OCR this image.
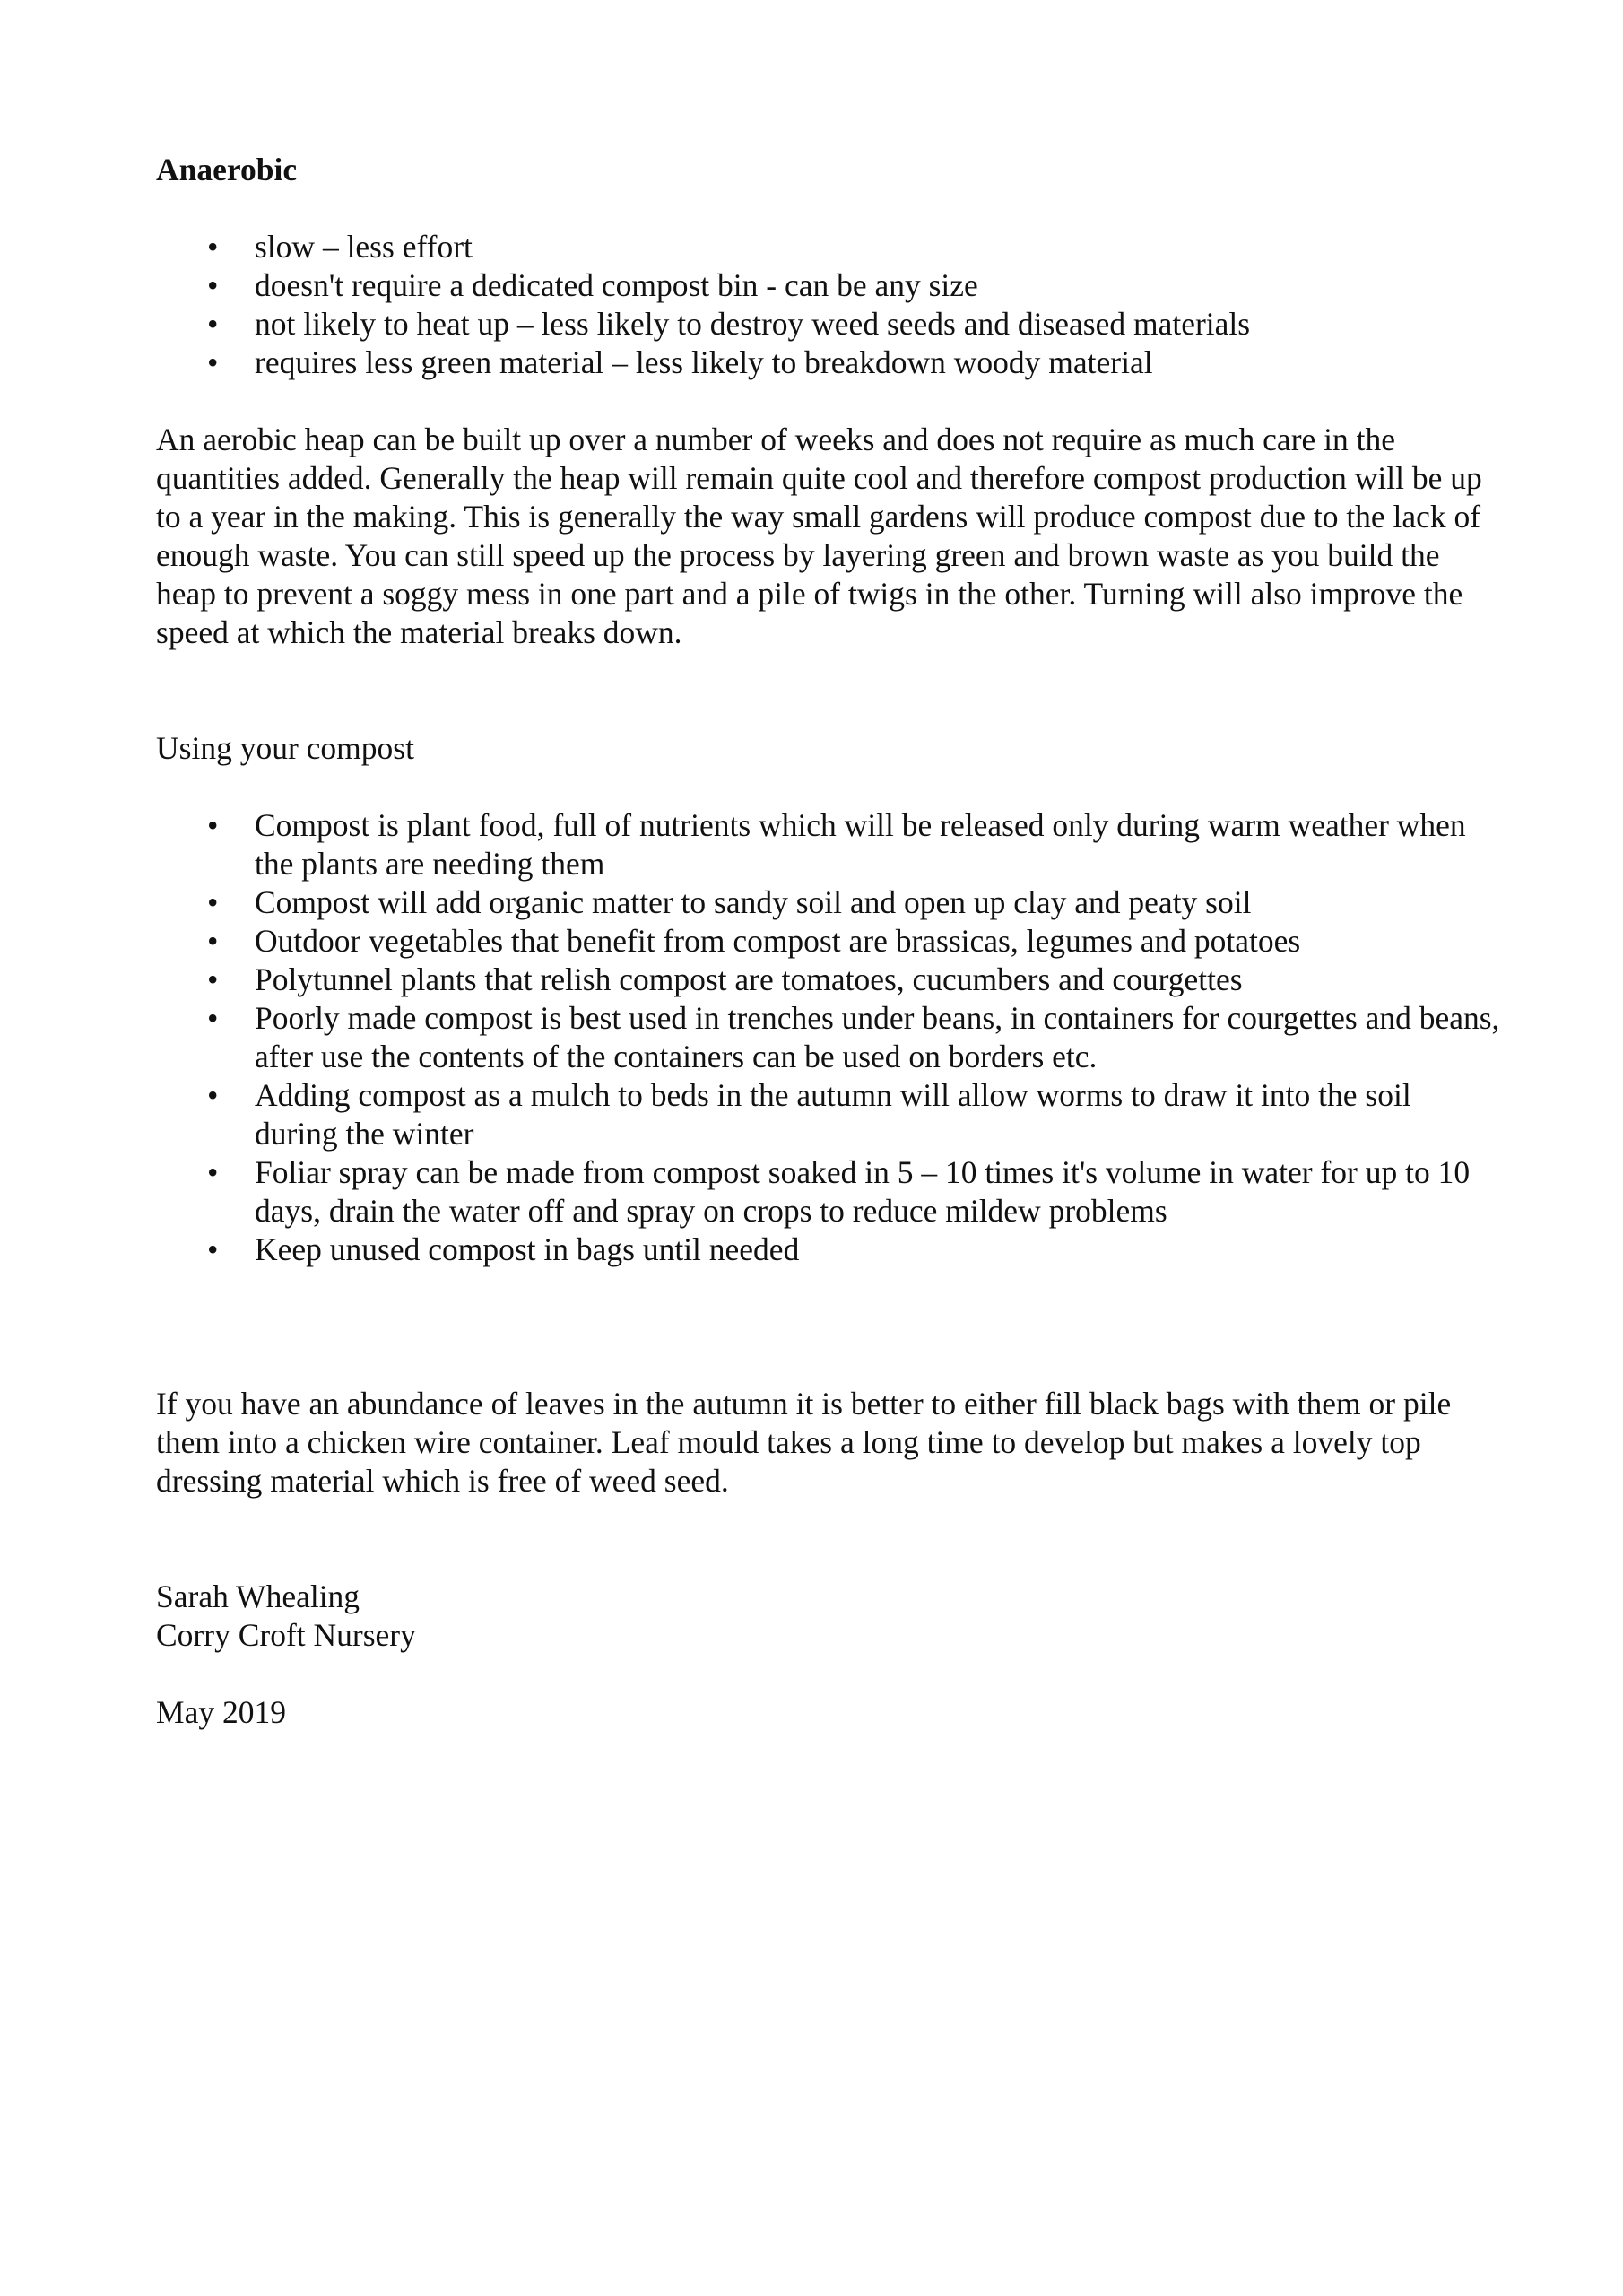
Anaerobic

• slow – less effort
• doesn't require a dedicated compost bin - can be any size
• not likely to heat up – less likely to destroy weed seeds and diseased materials
• requires less green material – less likely to breakdown woody material

An aerobic heap can be built up over a number of weeks and does not require as much care in the quantities added. Generally the heap will remain quite cool and therefore compost production will be up to a year in the making. This is generally the way small gardens will produce compost due to the lack of enough waste. You can still speed up the process by layering green and brown waste as you build the heap to prevent a soggy mess in one part and a pile of twigs in the other. Turning will also improve the speed at which the material breaks down.

Using your compost

• Compost is plant food, full of nutrients which will be released only during warm weather when the plants are needing them
• Compost will add organic matter to sandy soil and open up clay and peaty soil
• Outdoor vegetables that benefit from compost are brassicas, legumes and potatoes
• Polytunnel plants that relish compost are tomatoes, cucumbers and courgettes
• Poorly made compost is best used in trenches under beans, in containers for courgettes and beans, after use the contents of the containers can be used on borders etc.
• Adding compost as a mulch to beds in the autumn will allow worms to draw it into the soil during the winter
• Foliar spray can be made from compost soaked in 5 – 10 times it's volume in water for up to 10 days, drain the water off and spray on crops to reduce mildew problems
• Keep unused compost in bags until needed

If you have an abundance of leaves in the autumn it is better to either fill black bags with them or pile them into a chicken wire container. Leaf mould takes a long time to develop but makes a lovely top dressing material which is free of weed seed.

Sarah Whealing

Corry Croft Nursery

May 2019
